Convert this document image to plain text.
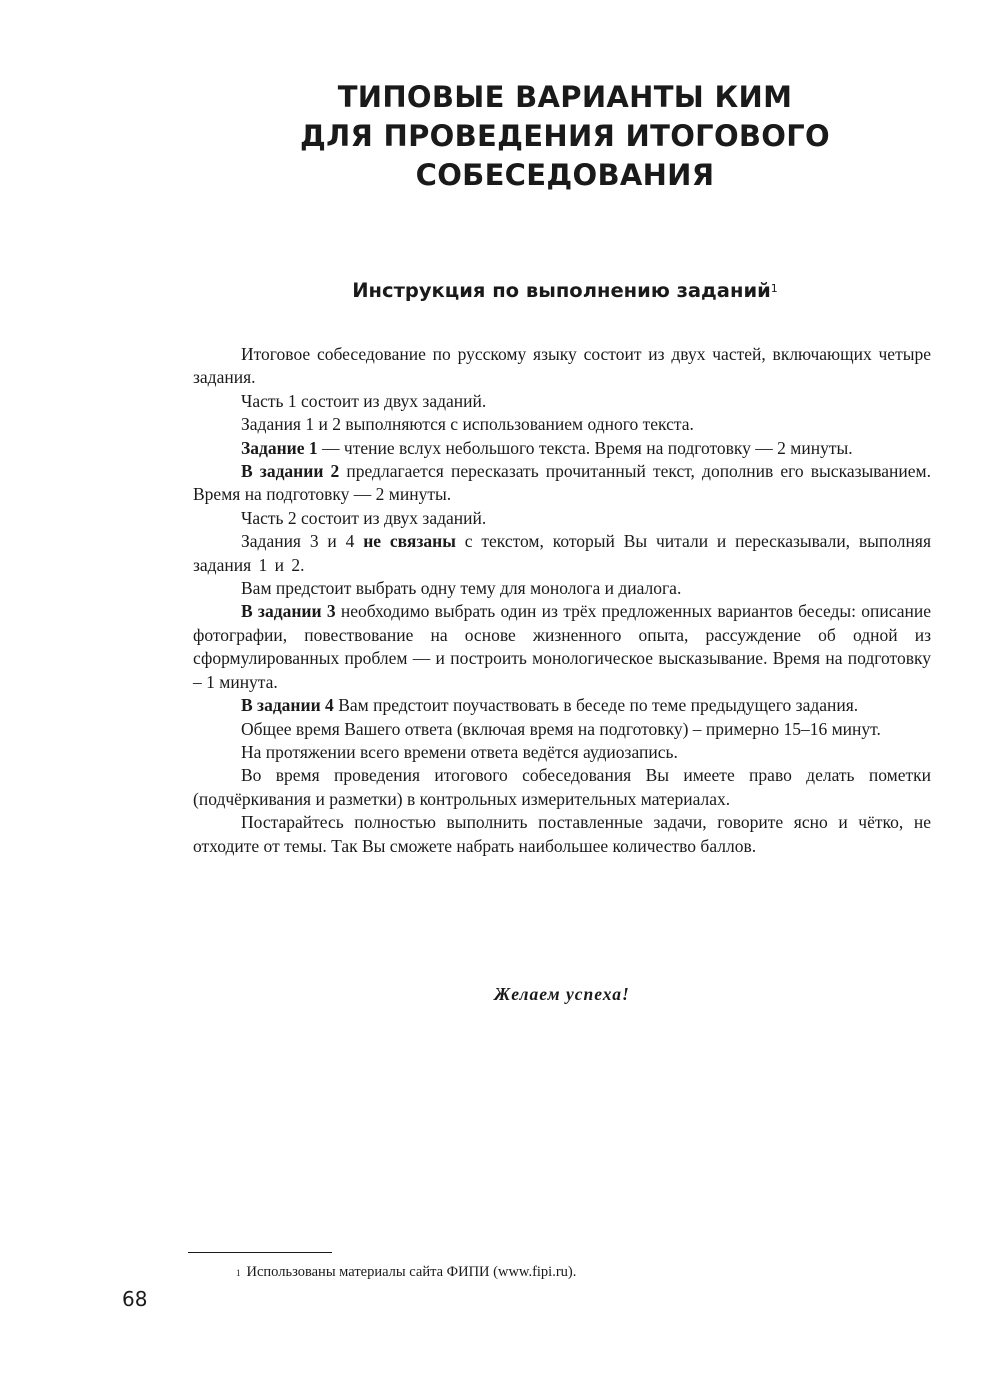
ТИПОВЫЕ ВАРИАНТЫ КИМ
ДЛЯ ПРОВЕДЕНИЯ ИТОГОВОГО
СОБЕСЕДОВАНИЯ
Инструкция по выполнению заданий$^1$

Итоговое собеседование по русскому языку состоит из двух частей, включающих четыре задания.

Часть 1 состоит из двух заданий.

Задания 1 и 2 выполняются с использованием одного текста.

Задание 1 — чтение вслух небольшого текста. Время на подготовку — 2 минуты.

В задании 2 предлагается пересказать прочитанный текст, дополнив его высказыванием. Время на подготовку — 2 минуты.

Часть 2 состоит из двух заданий.

Задания 3 и 4 не связаны с текстом, который Вы читали и пересказывали, выполняя задания 1 и 2.

Вам предстоит выбрать одну тему для монолога и диалога.

В задании 3 необходимо выбрать один из трёх предложенных вариантов беседы: описание фотографии, повествование на основе жизненного опыта, рассуждение об одной из сформулированных проблем — и построить монологическое высказывание. Время на подготовку – 1 минута.

В задании 4 Вам предстоит поучаствовать в беседе по теме предыдущего задания.

Общее время Вашего ответа (включая время на подготовку) – примерно 15–16 минут.

На протяжении всего времени ответа ведётся аудиозапись.

Во время проведения итогового собеседования Вы имеете право делать пометки (подчёркивания и разметки) в контрольных измерительных материалах.

Постарайтесь полностью выполнить поставленные задачи, говорите ясно и чётко, не отходите от темы. Так Вы сможете набрать наибольшее количество баллов.

Желаем успеха!
$^1$ Использованы материалы сайта ФИПИ (www.fipi.ru).
68
